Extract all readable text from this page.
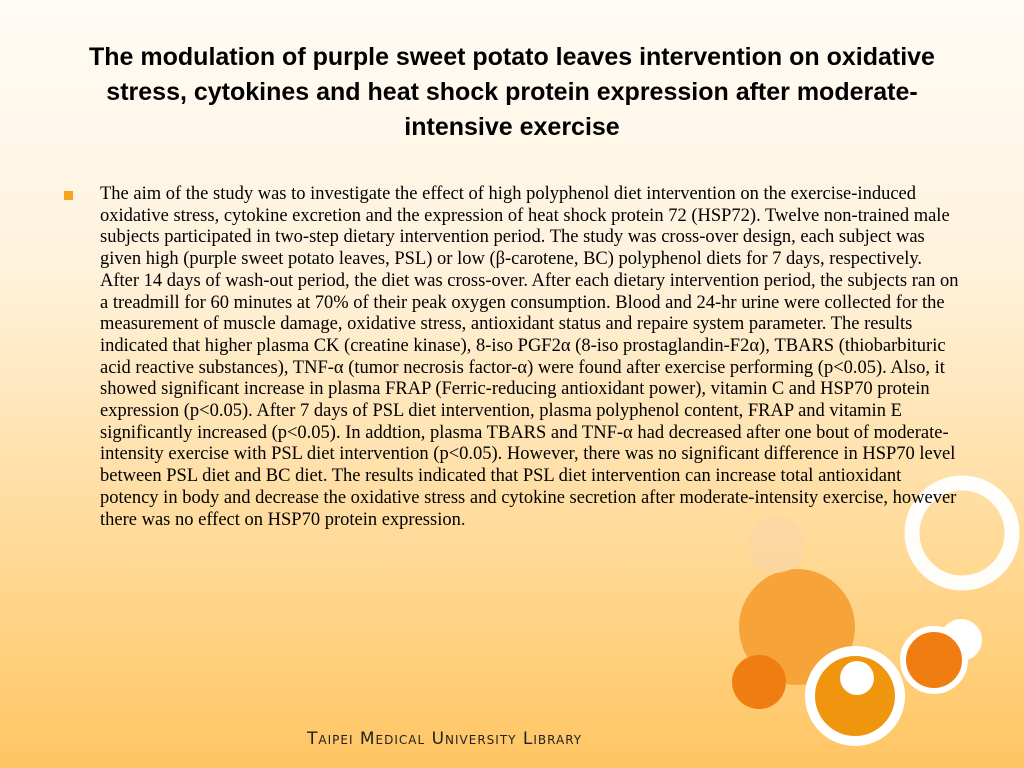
The modulation of purple sweet potato leaves intervention on oxidative stress, cytokines and heat shock protein expression after moderate-intensive exercise

The aim of the study was to investigate the effect of high polyphenol diet intervention on the exercise-induced oxidative stress, cytokine excretion and the expression of heat shock protein 72 (HSP72). Twelve non-trained male subjects participated in two-step dietary intervention period. The study was cross-over design, each subject was given high (purple sweet potato leaves, PSL) or low (β-carotene, BC) polyphenol diets for 7 days, respectively. After 14 days of wash-out period, the diet was cross-over. After each dietary intervention period, the subjects ran on a treadmill for 60 minutes at 70% of their peak oxygen consumption. Blood and 24-hr urine were collected for the measurement of muscle damage, oxidative stress, antioxidant status and repaire system parameter. The results indicated that higher plasma CK (creatine kinase), 8-iso PGF2α (8-iso prostaglandin-F2α), TBARS (thiobarbituric acid reactive substances), TNF-α (tumor necrosis factor-α) were found after exercise performing (p<0.05). Also, it showed significant increase in plasma FRAP (Ferric-reducing antioxidant power), vitamin C and HSP70 protein expression (p<0.05). After 7 days of PSL diet intervention, plasma polyphenol content, FRAP and vitamin E significantly increased (p<0.05). In addtion, plasma TBARS and TNF-α had decreased after one bout of moderate-intensity exercise with PSL diet intervention (p<0.05). However, there was no significant difference in HSP70 level between PSL diet and BC diet. The results indicated that PSL diet intervention can increase total antioxidant potency in body and decrease the oxidative stress and cytokine secretion after moderate-intensity exercise, however there was no effect on HSP70 protein expression.

Taipei Medical University Library
